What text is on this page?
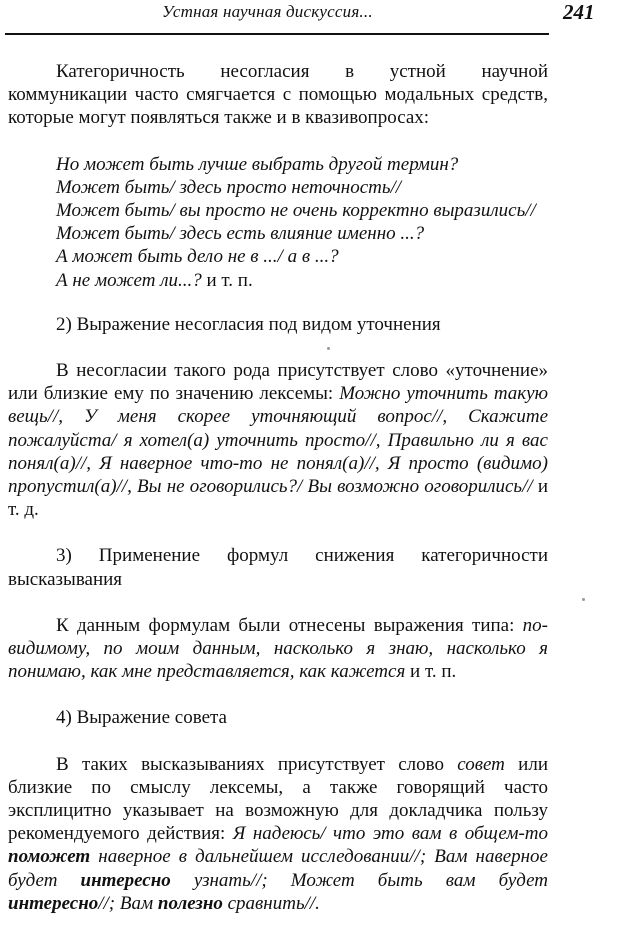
Устная научная дискуссия...	241

Категоричность несогласия в устной научной коммуникации часто смягчается с помощью модальных средств, которые могут появляться также и в квазивопросах:

Но может быть лучше выбрать другой термин?
Может быть/ здесь просто неточность//
Может быть/ вы просто не очень корректно выразились//
Может быть/ здесь есть влияние именно ...?
А может быть дело не в .../ а в ...?
А не может ли...? и т. п.

2) Выражение несогласия под видом уточнения

В несогласии такого рода присутствует слово «уточнение» или близкие ему по значению лексемы: Можно уточнить такую вещь//, У меня скорее уточняющий вопрос//, Скажите пожалуйста/ я хотел(а) уточнить просто//, Правильно ли я вас понял(а)//, Я наверное что-то не понял(а)//, Я просто (видимо) пропустил(а)//, Вы не оговорились?/ Вы возможно оговорились// и т. д.

3) Применение формул снижения категоричности высказывания

К данным формулам были отнесены выражения типа: по-видимому, по моим данным, насколько я знаю, насколько я понимаю, как мне представляется, как кажется и т. п.

4) Выражение совета

В таких высказываниях присутствует слово совет или близкие по смыслу лексемы, а также говорящий часто эксплицитно указывает на возможную для докладчика пользу рекомендуемого действия: Я надеюсь/ что это вам в общем-то поможет наверное в дальнейшем исследовании//; Вам наверное будет интересно узнать//; Может быть вам будет интересно//; Вам полезно сравнить//.
